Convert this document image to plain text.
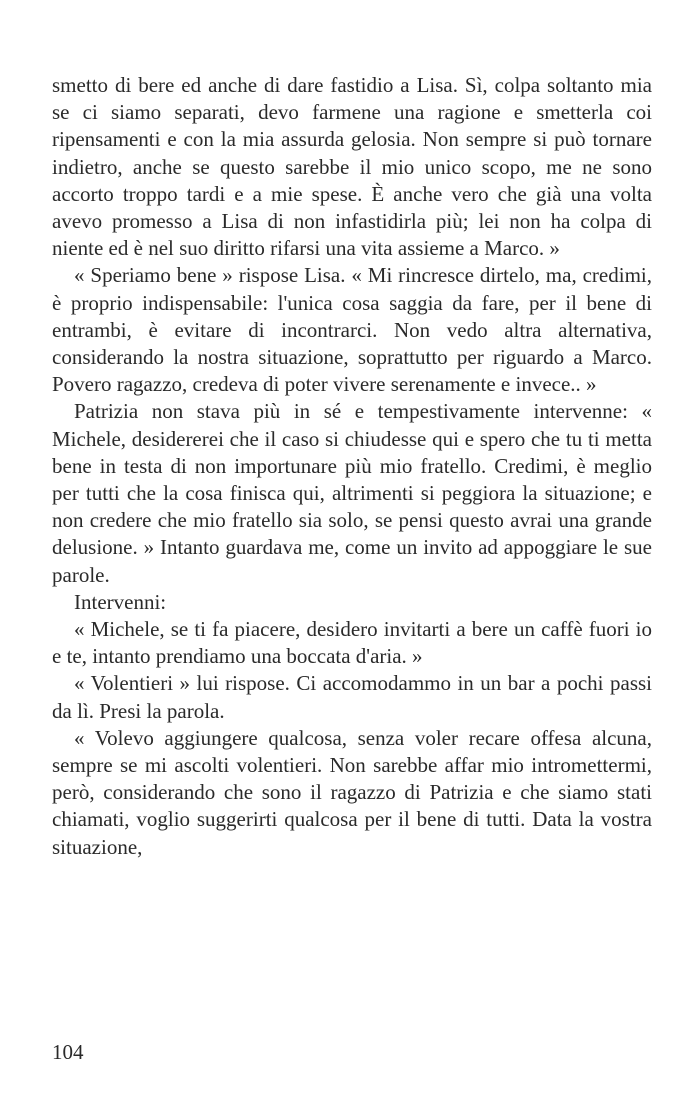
smetto di bere ed anche di dare fastidio a Lisa. Sì, colpa soltanto mia se ci siamo separati, devo farmene una ragione e smetterla coi ripensamenti e con la mia assurda gelosia. Non sempre si può tornare indietro, anche se questo sarebbe il mio unico scopo, me ne sono accorto troppo tardi e a mie spese. È anche vero che già una volta avevo promesso a Lisa di non infastidirla più; lei non ha colpa di niente ed è nel suo diritto rifarsi una vita assieme a Marco. »

« Speriamo bene » rispose Lisa. « Mi rincresce dirtelo, ma, credimi, è proprio indispensabile: l'unica cosa saggia da fare, per il bene di entrambi, è evitare di incontrarci. Non vedo altra alternativa, considerando la nostra situazione, soprattutto per riguardo a Marco. Povero ragazzo, credeva di poter vivere serenamente e invece.. »

Patrizia non stava più in sé e tempestivamente intervenne: « Michele, desidererei che il caso si chiudesse qui e spero che tu ti metta bene in testa di non importunare più mio fratello. Credimi, è meglio per tutti che la cosa finisca qui, altrimenti si peggiora la situazione; e non credere che mio fratello sia solo, se pensi questo avrai una grande delusione. » Intanto guardava me, come un invito ad appoggiare le sue parole.

Intervenni:

« Michele, se ti fa piacere, desidero invitarti a bere un caffè fuori io e te, intanto prendiamo una boccata d'aria. »

« Volentieri » lui rispose. Ci accomodammo in un bar a pochi passi da lì. Presi la parola.

« Volevo aggiungere qualcosa, senza voler recare offesa alcuna, sempre se mi ascolti volentieri. Non sarebbe affar mio intromettermi, però, considerando che sono il ragazzo di Patrizia e che siamo stati chiamati, voglio suggerirti qualcosa per il bene di tutti. Data la vostra situazione,

104
